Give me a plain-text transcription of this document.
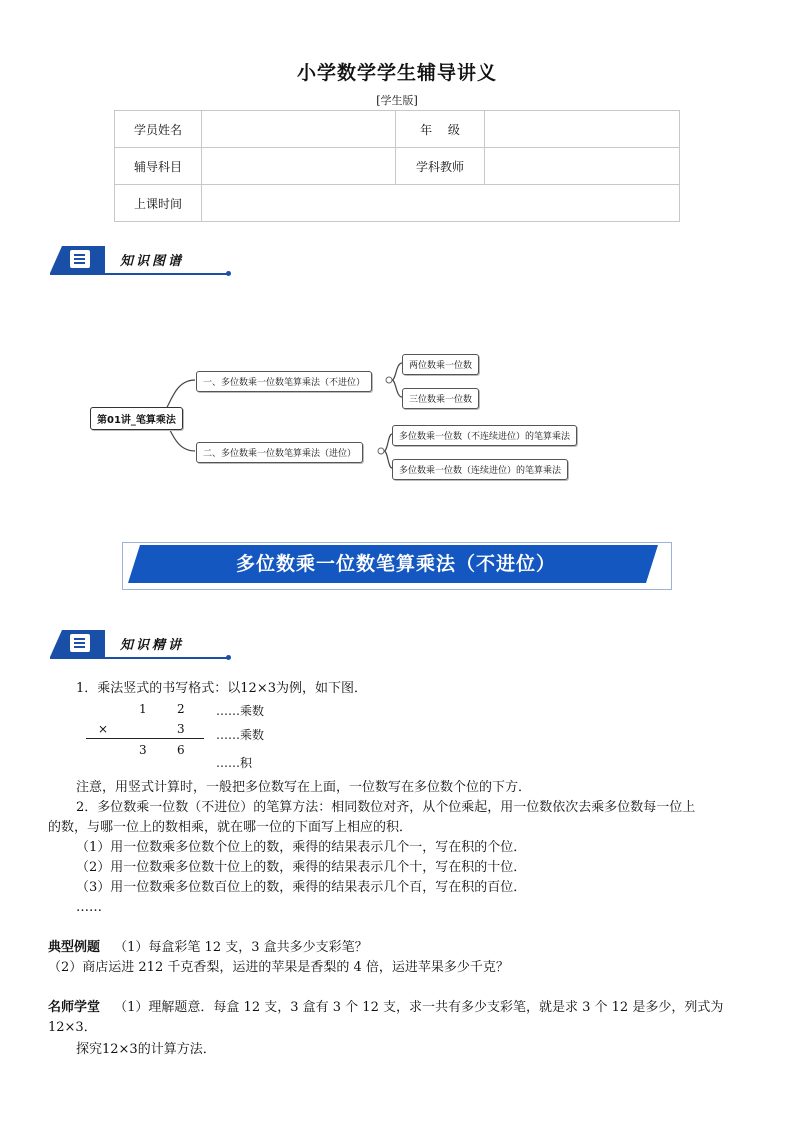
小学数学学生辅导讲义
[学生版]
学员姓名		年　 级	
辅导科目		学科教师	
上课时间			
知识图谱
第01讲_笔算乘法
一、多位数乘一位数笔算乘法（不进位）
两位数乘一位数
三位数乘一位数
二、多位数乘一位数笔算乘法（进位）
多位数乘一位数（不连续进位）的笔算乘法
多位数乘一位数（连续进位）的笔算乘法
多位数乘一位数笔算乘法（不进位）
知识精讲
1．乘法竖式的书写格式：以12×3为例，如下图．
1	2
×	3
3	6
……乘数
……乘数
……积
注意，用竖式计算时，一般把多位数写在上面，一位数写在多位数个位的下方．
2．多位数乘一位数（不进位）的笔算方法：相同数位对齐，从个位乘起，用一位数依次去乘多位数每一位上
的数，与哪一位上的数相乘，就在哪一位的下面写上相应的积．
（1）用一位数乘多位数个位上的数，乘得的结果表示几个一，写在积的个位．
（2）用一位数乘多位数十位上的数，乘得的结果表示几个十，写在积的十位．
（3）用一位数乘多位数百位上的数，乘得的结果表示几个百，写在积的百位．
……
典型例题 （1）每盒彩笔 12 支，3 盒共多少支彩笔？
（2）商店运进 212 千克香梨，运进的苹果是香梨的 4 倍，运进苹果多少千克？
名师学堂 （1）理解题意．每盒 12 支，3 盒有 3 个 12 支，求一共有多少支彩笔，就是求 3 个 12 是多少，列式为
12×3．
探究12×3的计算方法．
